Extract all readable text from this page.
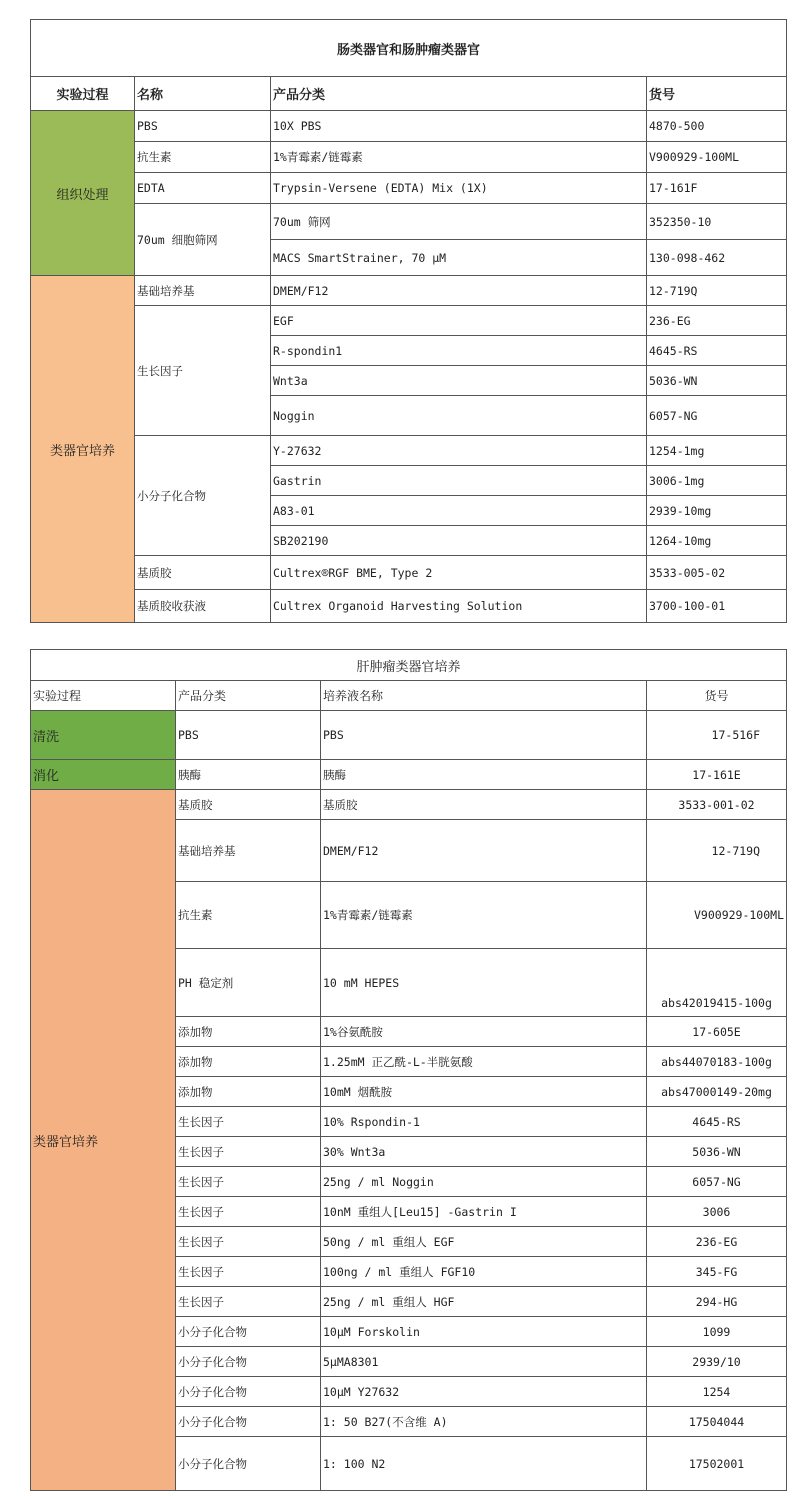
肠类器官和肠肿瘤类器官			
实验过程	名称	产品分类	货号
组织处理	PBS	10X PBS	4870-500
	抗生素	1%青霉素/链霉素	V900929-100ML
	EDTA	Trypsin-Versene (EDTA) Mix (1X)	17-161F
	70um 细胞筛网	70um 筛网	352350-10
		MACS SmartStrainer, 70 μM	130-098-462
类器官培养	基础培养基	DMEM/F12	12-719Q
	生长因子	EGF	236-EG
		R-spondin1	4645-RS
		Wnt3a	5036-WN
		Noggin	6057-NG
	小分子化合物	Y-27632	1254-1mg
		Gastrin	3006-1mg
		A83-01	2939-10mg
		SB202190	1264-10mg
	基质胶	Cultrex®RGF BME, Type 2	3533-005-02
	基质胶收获液	Cultrex Organoid Harvesting Solution	3700-100-01
肝肿瘤类器官培养			
实验过程	产品分类	培养液名称	货号
清洗	PBS	PBS	17-516F
消化	胰酶	胰酶	17-161E
类器官培养	基质胶	基质胶	3533-001-02
	基础培养基	DMEM/F12	12-719Q
	抗生素	1%青霉素/链霉素	V900929-100ML
	PH 稳定剂	10 mM HEPES	abs42019415-100g
	添加物	1%谷氨酰胺	17-605E
	添加物	1.25mM 正乙酰-L-半胱氨酸	abs44070183-100g
	添加物	10mM 烟酰胺	abs47000149-20mg
	生长因子	10% Rspondin-1	4645-RS
	生长因子	30% Wnt3a	5036-WN
	生长因子	25ng / ml Noggin	6057-NG
	生长因子	10nM 重组人[Leu15] -Gastrin I	3006
	生长因子	50ng / ml 重组人 EGF	236-EG
	生长因子	100ng / ml 重组人 FGF10	345-FG
	生长因子	25ng / ml 重组人 HGF	294-HG
	小分子化合物	10μM Forskolin	1099
	小分子化合物	5μMA8301	2939/10
	小分子化合物	10μM Y27632	1254
	小分子化合物	1: 50 B27(不含维 A)	17504044
	小分子化合物	1: 100 N2	17502001
